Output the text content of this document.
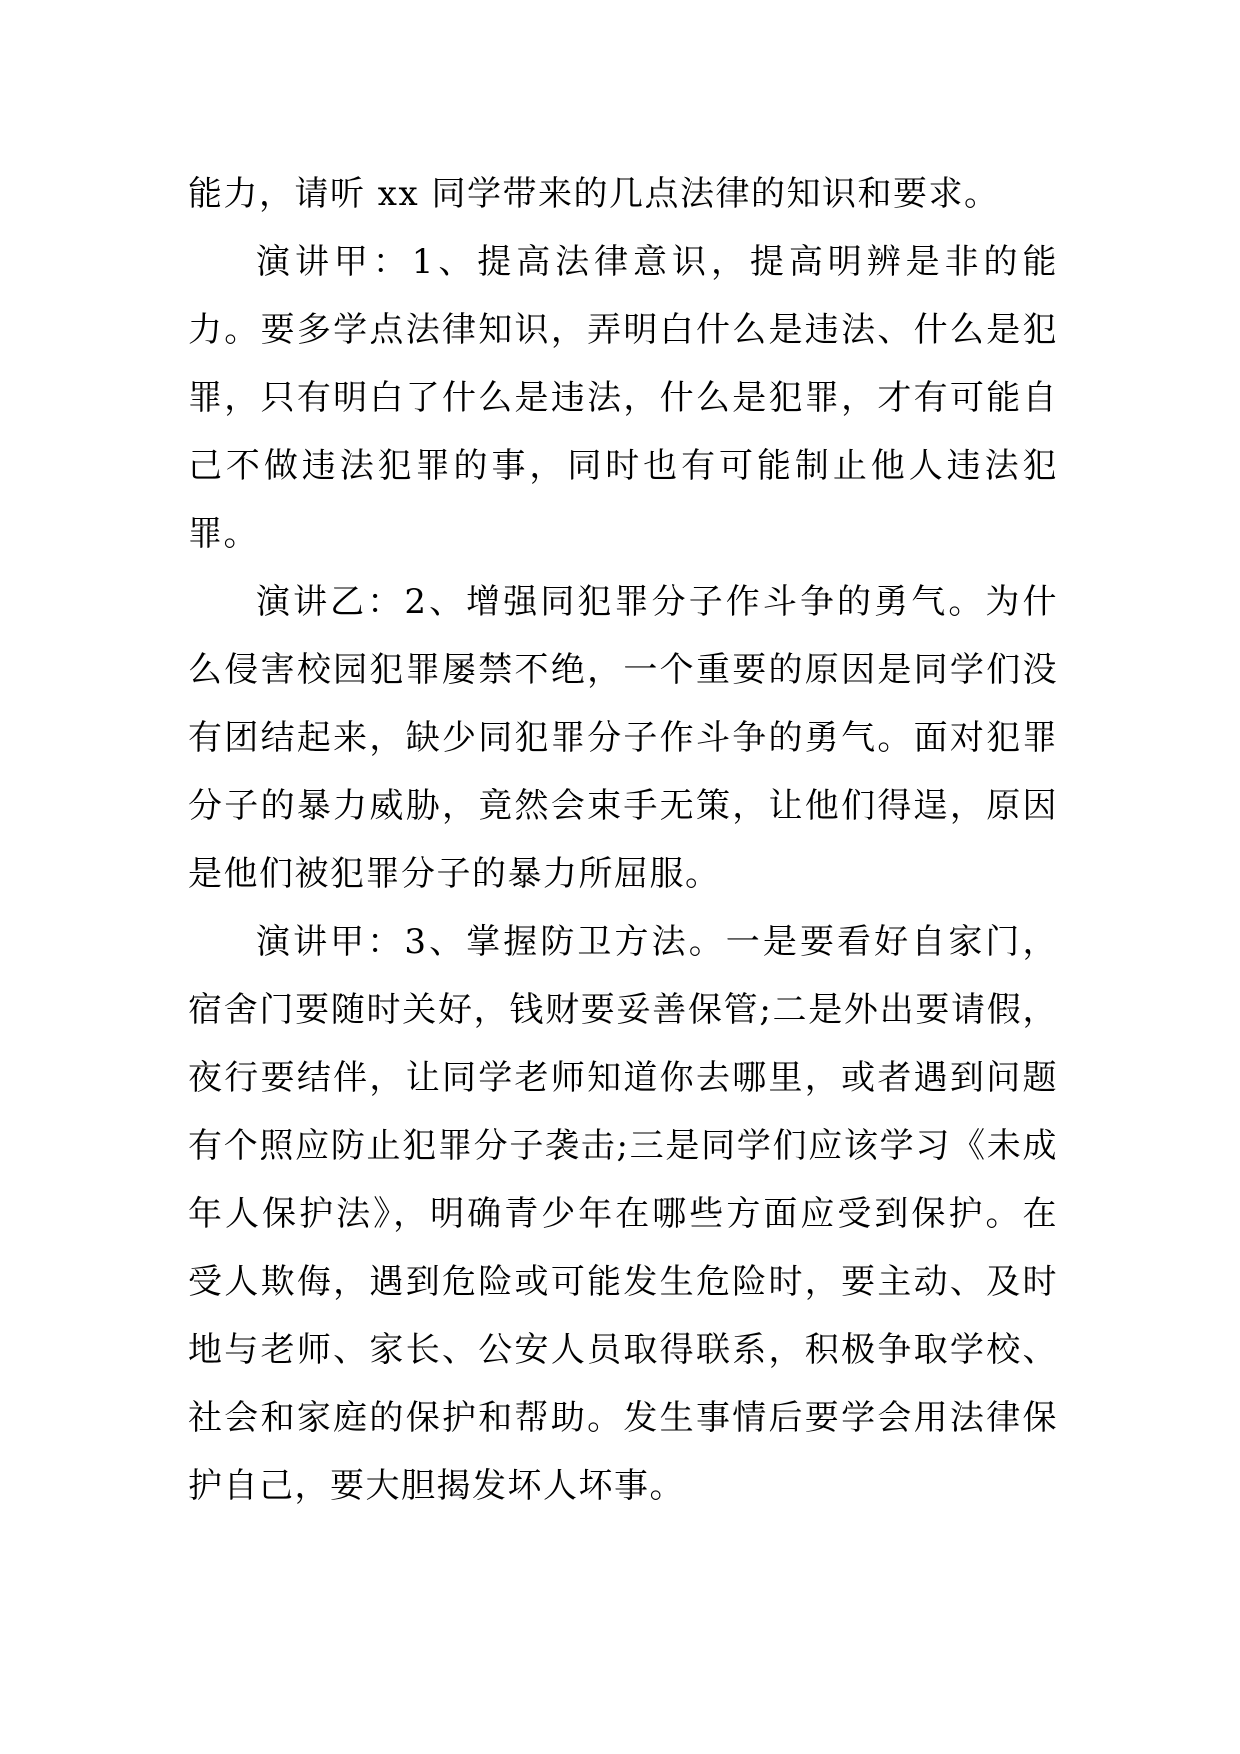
能力，请听 xx 同学带来的几点法律的知识和要求。

演讲甲：1、提高法律意识，提高明辨是非的能力。要多学点法律知识，弄明白什么是违法、什么是犯罪，只有明白了什么是违法，什么是犯罪，才有可能自己不做违法犯罪的事，同时也有可能制止他人违法犯罪。

演讲乙：2、增强同犯罪分子作斗争的勇气。为什么侵害校园犯罪屡禁不绝，一个重要的原因是同学们没有团结起来，缺少同犯罪分子作斗争的勇气。面对犯罪分子的暴力威胁，竟然会束手无策，让他们得逞，原因是他们被犯罪分子的暴力所屈服。

演讲甲：3、掌握防卫方法。一是要看好自家门，宿舍门要随时关好，钱财要妥善保管;二是外出要请假，夜行要结伴，让同学老师知道你去哪里，或者遇到问题有个照应防止犯罪分子袭击;三是同学们应该学习《未成年人保护法》，明确青少年在哪些方面应受到保护。在受人欺侮，遇到危险或可能发生危险时，要主动、及时地与老师、家长、公安人员取得联系，积极争取学校、社会和家庭的保护和帮助。发生事情后要学会用法律保护自己，要大胆揭发坏人坏事。
